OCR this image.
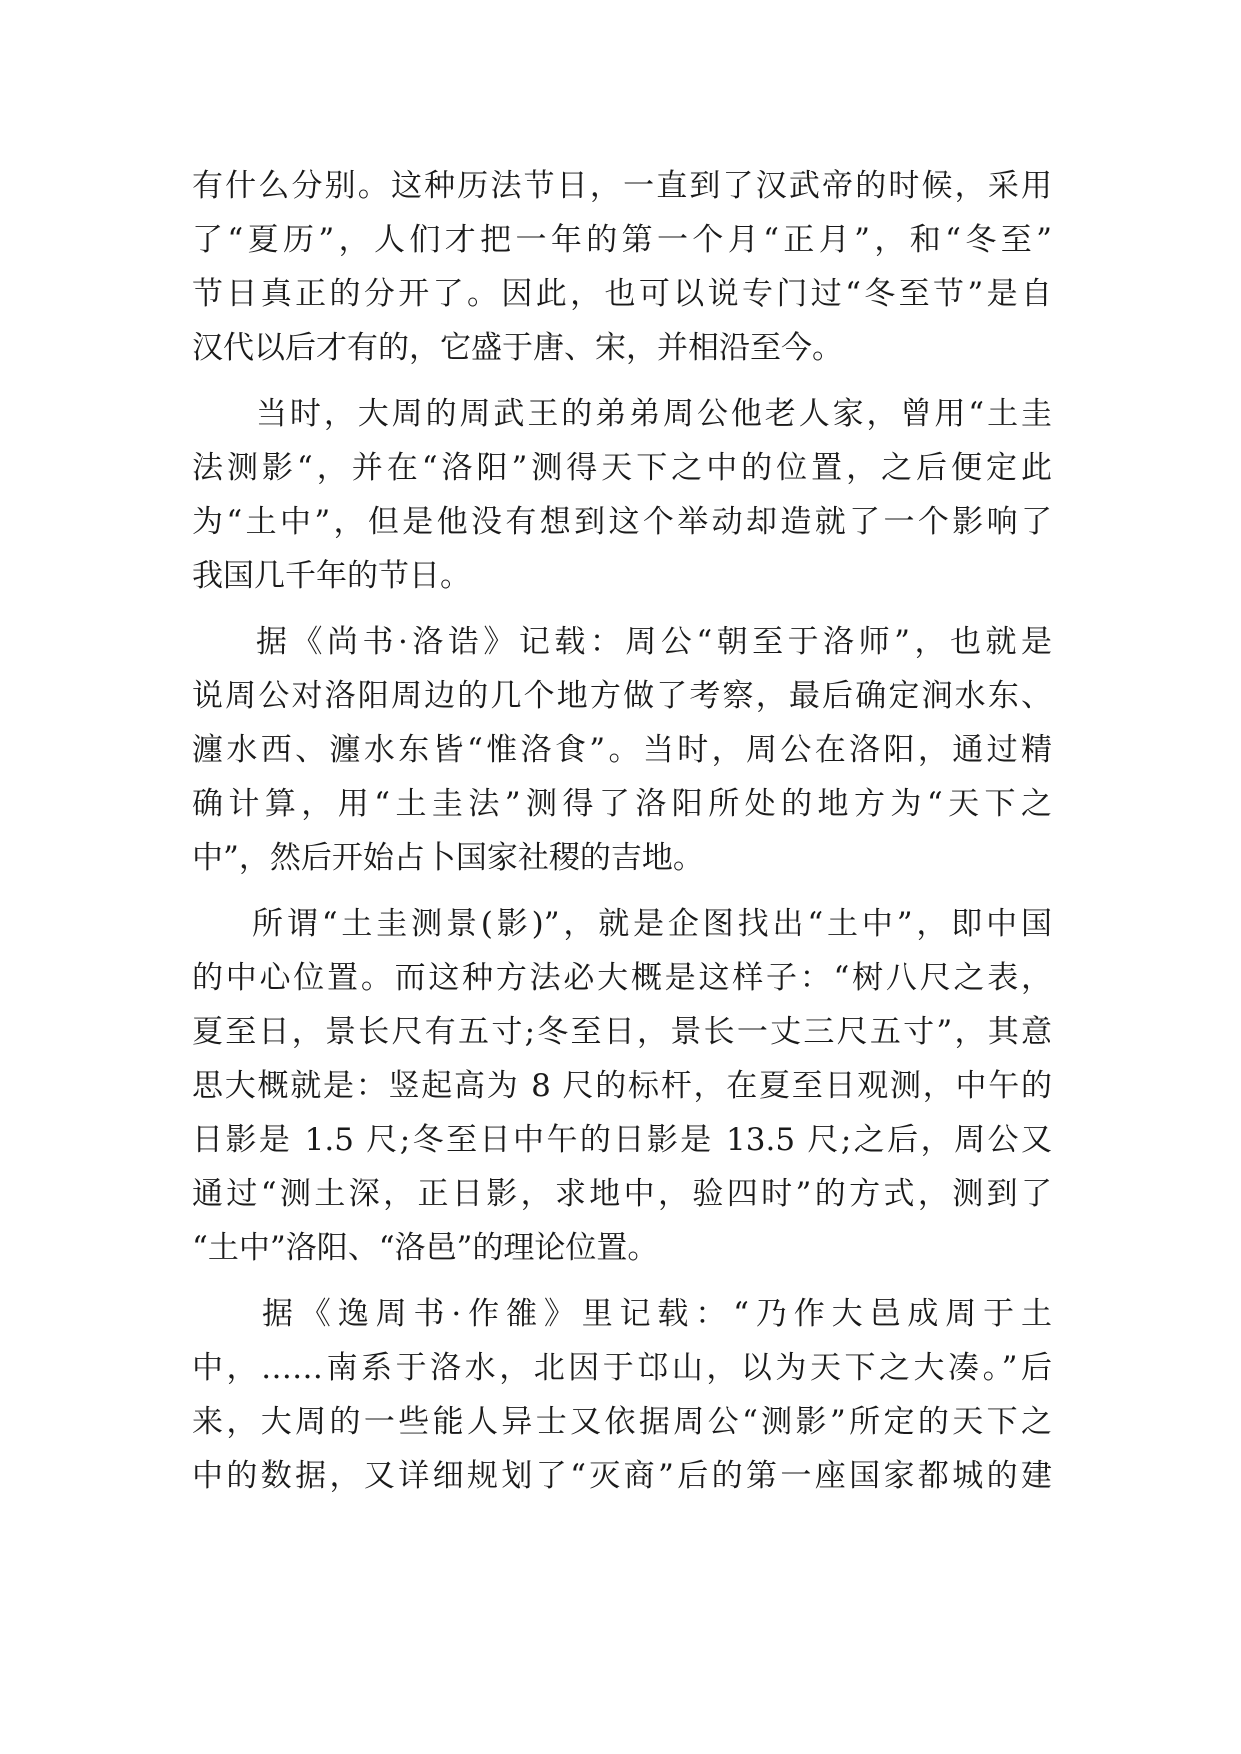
有什么分别。这种历法节日，一直到了汉武帝的时候，采用
了“夏历”，人们才把一年的第一个月“正月”，和“冬至”
节日真正的分开了。因此，也可以说专门过“冬至节”是自
汉代以后才有的，它盛于唐、宋，并相沿至今。
当时，大周的周武王的弟弟周公他老人家，曾用“土圭
法测影“，并在“洛阳”测得天下之中的位置，之后便定此
为“土中”，但是他没有想到这个举动却造就了一个影响了
我国几千年的节日。
据《尚书·洛诰》记载：周公“朝至于洛师”，也就是
说周公对洛阳周边的几个地方做了考察，最后确定涧水东、
瀍水西、瀍水东皆“惟洛食”。当时，周公在洛阳，通过精
确计算，用“土圭法”测得了洛阳所处的地方为“天下之
中”，然后开始占卜国家社稷的吉地。
所谓“土圭测景(影)”，就是企图找出“土中”，即中国
的中心位置。而这种方法必大概是这样子：“树八尺之表，
夏至日，景长尺有五寸;冬至日，景长一丈三尺五寸”，其意
思大概就是：竖起高为 8 尺的标杆，在夏至日观测，中午的
日影是 1.5 尺;冬至日中午的日影是 13.5 尺;之后，周公又
通过“测土深，正日影，求地中，验四时”的方式，测到了
“土中”洛阳、“洛邑”的理论位置。
据《逸周书·作雒》里记载：“乃作大邑成周于土
中，……南系于洛水，北因于邙山，以为天下之大凑。”后
来，大周的一些能人异士又依据周公“测影”所定的天下之
中的数据，又详细规划了“灭商”后的第一座国家都城的建
